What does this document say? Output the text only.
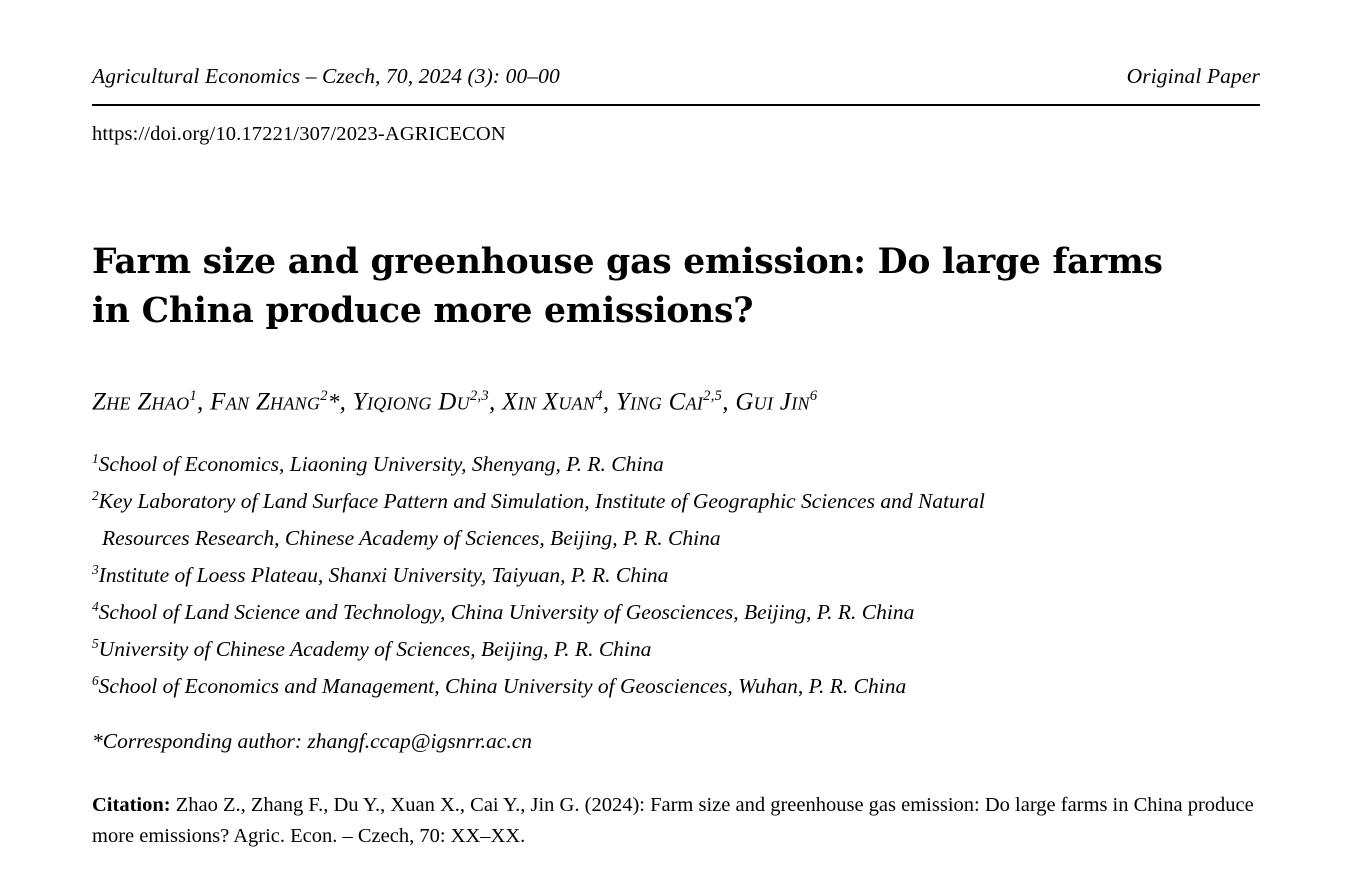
Agricultural Economics – Czech, 70, 2024 (3): 00–00	Original Paper
https://doi.org/10.17221/307/2023-AGRICECON
Farm size and greenhouse gas emission: Do large farms in China produce more emissions?
Zhe Zhao$^1$, Fan Zhang$^2$*, Yiqiong Du$^{2,3}$, Xin Xuan$^4$, Ying Cai$^{2,5}$, Gui Jin$^6$
$^1$School of Economics, Liaoning University, Shenyang, P. R. China
$^2$Key Laboratory of Land Surface Pattern and Simulation, Institute of Geographic Sciences and Natural
Resources Research, Chinese Academy of Sciences, Beijing, P. R. China
$^3$Institute of Loess Plateau, Shanxi University, Taiyuan, P. R. China
$^4$School of Land Science and Technology, China University of Geosciences, Beijing, P. R. China
$^5$University of Chinese Academy of Sciences, Beijing, P. R. China
$^6$School of Economics and Management, China University of Geosciences, Wuhan, P. R. China
*Corresponding author: zhangf.ccap@igsnrr.ac.cn
Citation: Zhao Z., Zhang F., Du Y., Xuan X., Cai Y., Jin G. (2024): Farm size and greenhouse gas emission: Do large farms in China produce more emissions? Agric. Econ. – Czech, 70: XX–XX.
